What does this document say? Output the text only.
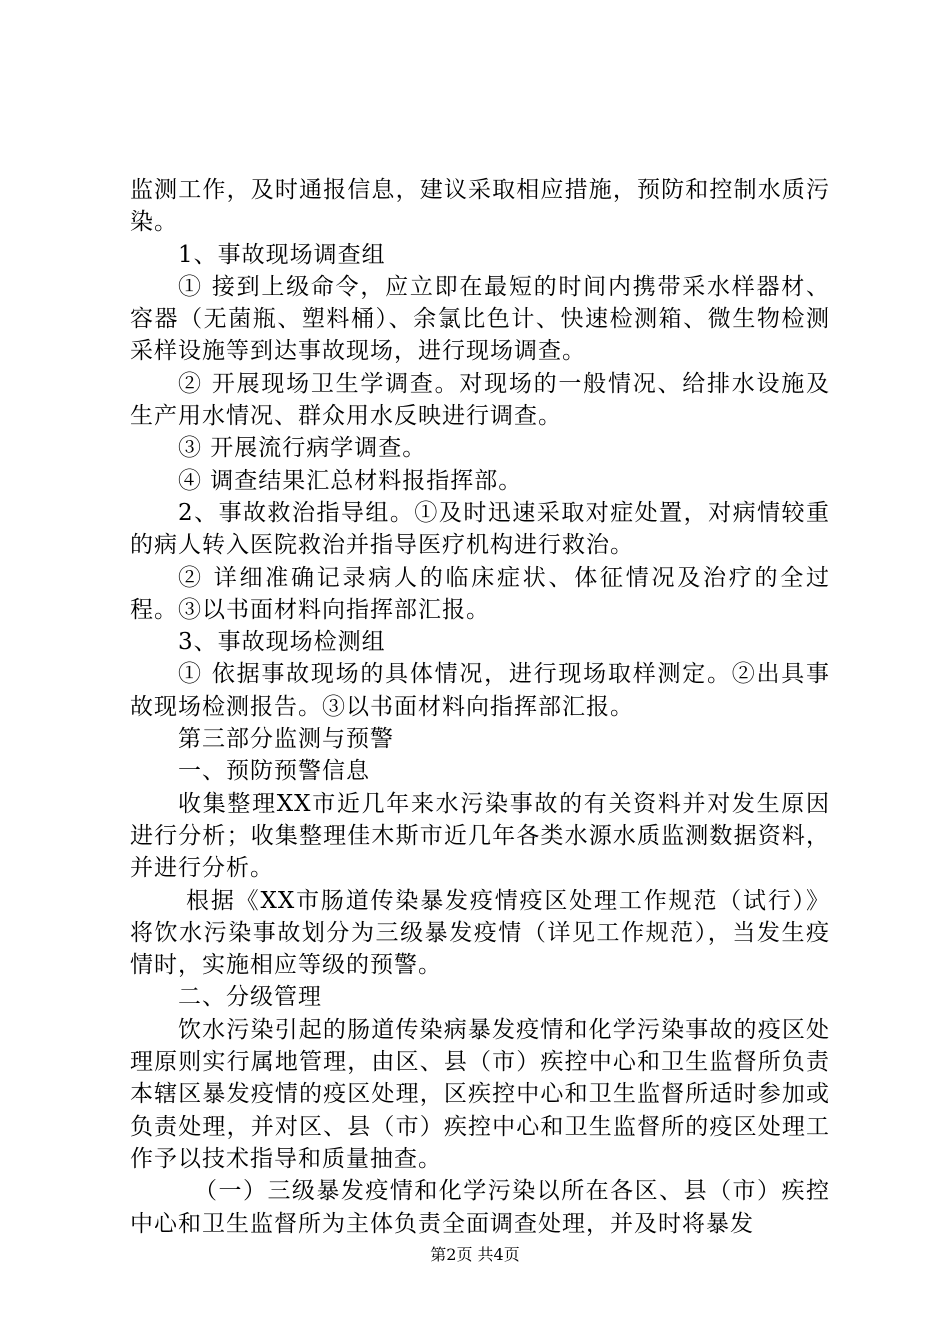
监测工作，及时通报信息，建议采取相应措施，预防和控制水质污染。

1、事故现场调查组

① 接到上级命令，应立即在最短的时间内携带采水样器材、容器（无菌瓶、塑料桶）、余氯比色计、快速检测箱、微生物检测采样设施等到达事故现场，进行现场调查。

② 开展现场卫生学调查。对现场的一般情况、给排水设施及生产用水情况、群众用水反映进行调查。

③ 开展流行病学调查。

④ 调查结果汇总材料报指挥部。

2、事故救治指导组。①及时迅速采取对症处置，对病情较重的病人转入医院救治并指导医疗机构进行救治。

② 详细准确记录病人的临床症状、体征情况及治疗的全过程。③以书面材料向指挥部汇报。

3、事故现场检测组

① 依据事故现场的具体情况，进行现场取样测定。②出具事故现场检测报告。③以书面材料向指挥部汇报。

第三部分监测与预警

一、预防预警信息

收集整理XX市近几年来水污染事故的有关资料并对发生原因进行分析；收集整理佳木斯市近几年各类水源水质监测数据资料，并进行分析。

根据《XX市肠道传染暴发疫情疫区处理工作规范（试行）》将饮水污染事故划分为三级暴发疫情（详见工作规范），当发生疫情时，实施相应等级的预警。

二、分级管理

饮水污染引起的肠道传染病暴发疫情和化学污染事故的疫区处理原则实行属地管理，由区、县（市）疾控中心和卫生监督所负责本辖区暴发疫情的疫区处理，区疾控中心和卫生监督所适时参加或负责处理，并对区、县（市）疾控中心和卫生监督所的疫区处理工作予以技术指导和质量抽查。

（一）三级暴发疫情和化学污染以所在各区、县（市）疾控中心和卫生监督所为主体负责全面调查处理，并及时将暴发

第2页 共4页
